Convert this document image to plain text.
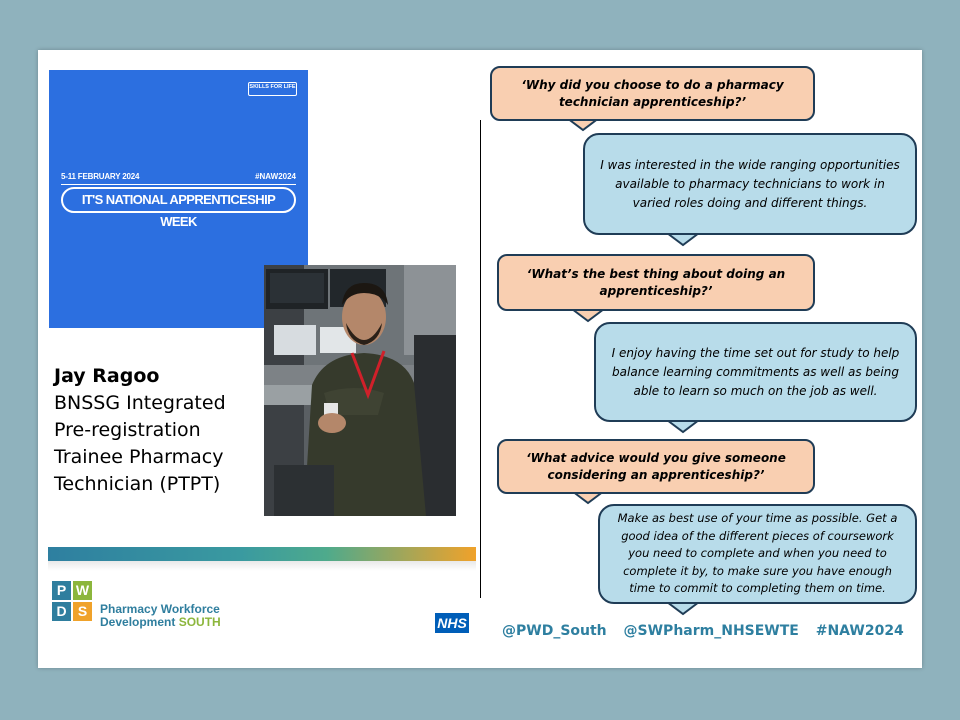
SKILLS FOR LIFE
5-11 FEBRUARY 2024	#NAW2024
IT'S NATIONAL APPRENTICESHIP WEEK
Jay Ragoo
BNSSG Integrated
Pre-registration
Trainee Pharmacy
Technician (PTPT)
P W
D S	Pharmacy Workforce
Development SOUTH
‘Why did you choose to do a pharmacy technician apprenticeship?’
I was interested in the wide ranging opportunities available to pharmacy technicians to work in varied roles doing and different things.
‘What’s the best thing about doing an apprenticeship?’
I enjoy having the time set out for study to help balance learning commitments as well as being able to learn so much on the job as well.
‘What advice would you give someone considering an apprenticeship?’
Make as best use of your time as possible. Get a good idea of the different pieces of coursework you need to complete and when you need to complete it by, to make sure you have enough time to commit to completing them on time.
NHS	@PWD_South @SWPharm_NHSEWTE #NAW2024
